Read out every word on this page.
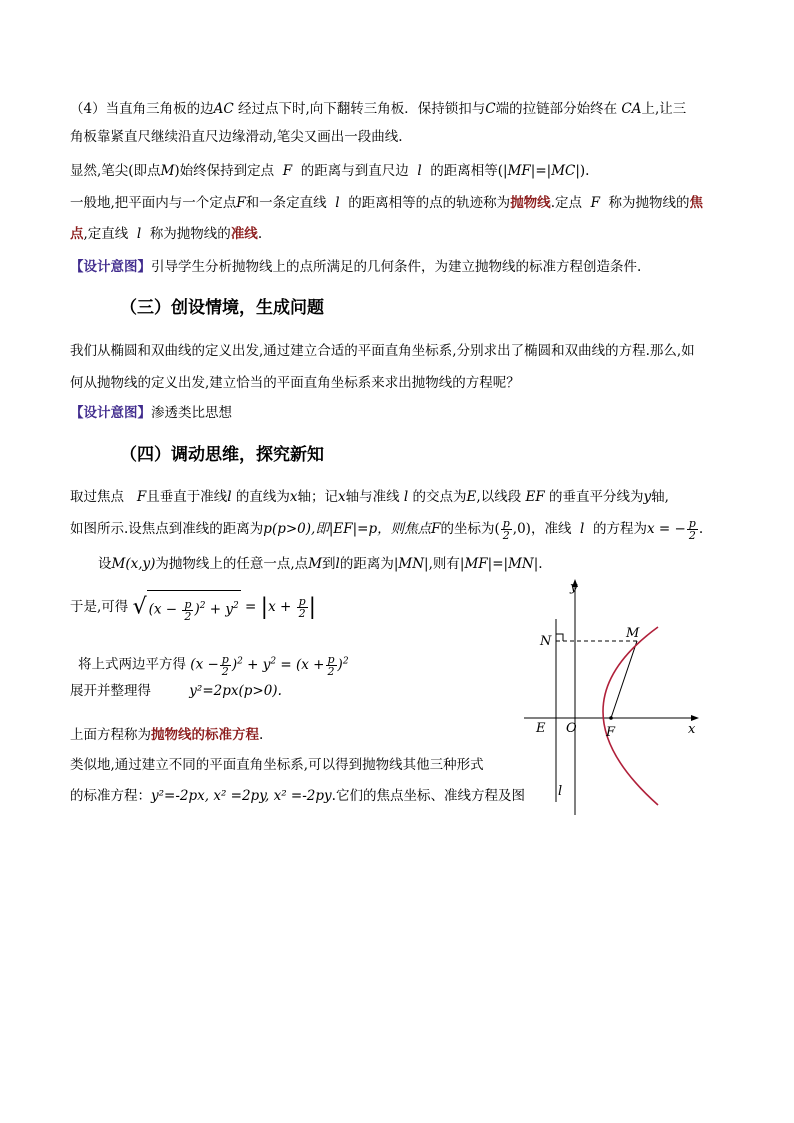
（4）当直角三角板的边AC 经过点下时,向下翻转三角板．保持锁扣与C端的拉链部分始终在 CA上,让三
角板靠紧直尺继续沿直尺边缘滑动,笔尖又画出一段曲线.
显然,笔尖(即点M)始终保持到定点 F 的距离与到直尺边 l 的距离相等(|MF|=|MC|).
一般地,把平面内与一个定点F和一条定直线 l 的距离相等的点的轨迹称为抛物线.定点 F 称为抛物线的焦
点,定直线 l 称为抛物线的准线.
【设计意图】引导学生分析抛物线上的点所满足的几何条件，为建立抛物线的标准方程创造条件.
（三）创设情境，生成问题
我们从椭圆和双曲线的定义出发,通过建立合适的平面直角坐标系,分别求出了椭圆和双曲线的方程.那么,如
何从抛物线的定义出发,建立恰当的平面直角坐标系来求出抛物线的方程呢？
【设计意图】渗透类比思想
（四）调动思维，探究新知
取过焦点 F且垂直于准线l 的直线为x轴；记x轴与准线 l 的交点为E,以线段 EF 的垂直平分线为y轴,
如图所示.设焦点到准线的距离为p(p>0),即|EF|=p，则焦点F的坐标为( $\frac{p}{2} ,0$)，准线 l 的方程为x = − $\frac{p}{2}$ .
设M(x,y)为抛物线上的任意一点,点M到l的距离为|MN|,则有|MF|=|MN|.
于是,可得 √ $(x - \frac{p}{2} )^2 + y^2 = |x + \frac{p}{2}$ |
将上式两边平方得 $(x - \frac{p}{2} )^2 + y^2 = (x + \frac{p}{2} )^2$
展开并整理得	y²=2px(p>0).
上面方程称为抛物线的标准方程.
类似地,通过建立不同的平面直角坐标系,可以得到抛物线其他三种形式
的标准方程：y²=-2px, x² =2py, x² =-2py.它们的焦点坐标、准线方程及图
y
x
N
M
E O F
l
